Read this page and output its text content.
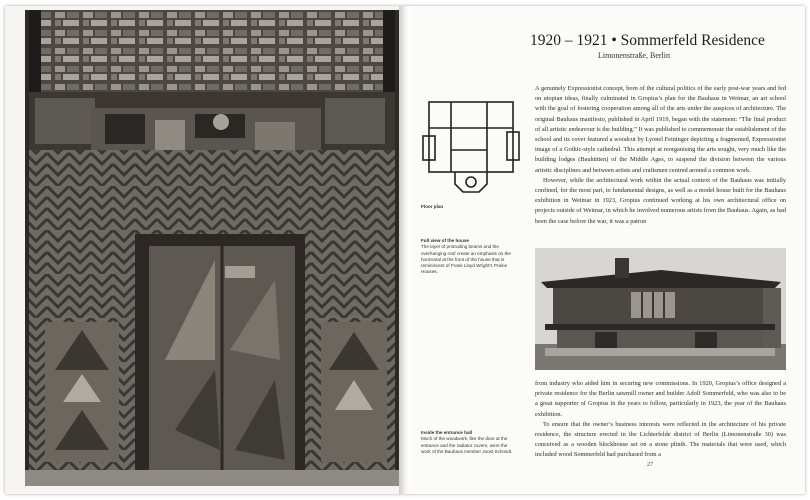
1920 – 1921 • Sommerfeld Residence
Limonenstraße, Berlin
Floor plan
Full view of the house
The layer of protruding beams and the overhanging roof create an emphasis on the horizontal at the front of the house that is reminiscent of Frank Lloyd Wright’s Prairie Houses.
Inside the entrance hall
Much of the woodwork, like the door at the entrance and the radiator covers, were the work of the Bauhaus member Joost Schmidt.

A genuinely Expressionist concept, born of the cultural politics of the early post-war years and fed on utopian ideas, finally culminated in Gropius’s plan for the Bauhaus in Weimar, an art school with the goal of fostering cooperation among all of the arts under the auspices of architecture. The original Bauhaus manifesto, published in April 1919, began with the statement: “The final product of all artistic endeavour is the building.” It was published to commemorate the establishment of the school and its cover featured a woodcut by Lyonel Feininger depicting a fragmented, Expressionist image of a Gothic-style cathedral. This attempt at reorganising the arts sought, very much like the building lodges (Bauhütten) of the Middle Ages, to suspend the division between the various artistic disciplines and between artists and craftsmen centred around a common work.

However, while the architectural work within the actual context of the Bauhaus was initially confined, for the most part, to fundamental designs, as well as a model house built for the Bauhaus exhibition in Weimar in 1923, Gropius continued working at his own architectural office on projects outside of Weimar, in which he involved numerous artists from the Bauhaus. Again, as had been the case before the war, it was a patron

from industry who aided him in securing new commissions. In 1920, Gropius’s office designed a private residence for the Berlin sawmill owner and builder Adolf Sommerfeld, who was also to be a great supporter of Gropius in the years to follow, particularly in 1923, the year of the Bauhaus exhibition.

To ensure that the owner’s business interests were reflected in the architecture of his private residence, the structure erected in the Lichterfelde district of Berlin (Limonenstraße 30) was conceived as a wooden blockhouse set on a stone plinth. The materials that were used, which included wood Sommerfeld had purchased from a

27
